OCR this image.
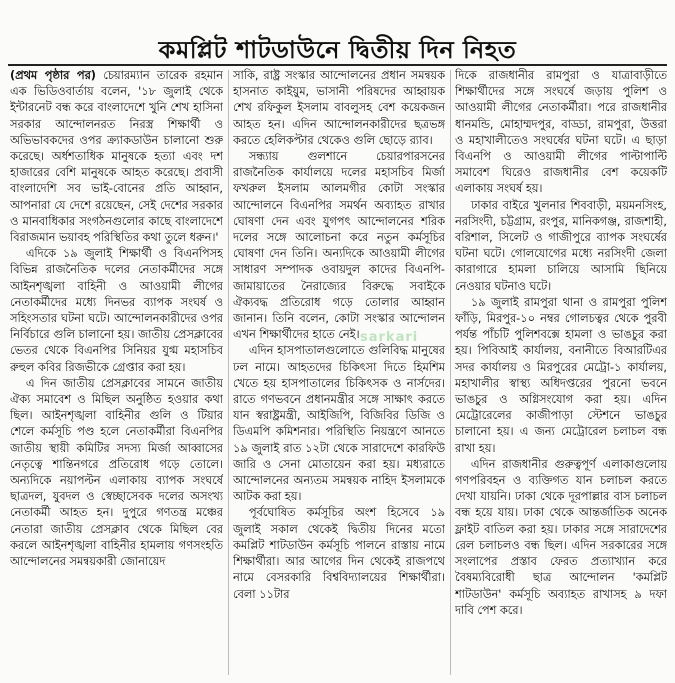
কমপ্লিট শাটডাউনে দ্বিতীয় দিন নিহত

(প্রথম পৃষ্ঠার পর) চেয়ারম্যান তারেক রহমান এক ভিডিওবার্তায় বলেন, '১৮ জুলাই থেকে ইন্টারনেট বন্ধ করে বাংলাদেশে খুনি শেখ হাসিনা সরকার আন্দোলনরত নিরস্ত্র শিক্ষার্থী ও অভিভাবকদের ওপর ক্র্যাকডাউন চালানো শুরু করেছে। অর্ধশতাধিক মানুষকে হত্যা এবং দশ হাজারের বেশি মানুষকে আহত করেছে। প্রবাসী বাংলাদেশি সব ভাই-বোনের প্রতি আহ্বান, আপনারা যে দেশে রয়েছেন, সেই দেশের সরকার ও মানবাধিকার সংগঠনগুলোর কাছে বাংলাদেশে বিরাজমান ভয়াবহ পরিস্থিতির কথা তুলে ধরুন।'

এদিকে ১৯ জুলাই শিক্ষার্থী ও বিএনপিসহ বিভিন্ন রাজনৈতিক দলের নেতাকর্মীদের সঙ্গে আইনশৃঙ্খলা বাহিনী ও আওয়ামী লীগের নেতাকর্মীদের মধ্যে দিনভর ব্যাপক সংঘর্ষ ও সহিংসতার ঘটনা ঘটে। আন্দোলনকারীদের ওপর নির্বিচারে গুলি চালানো হয়। জাতীয় প্রেসক্লাবের ভেতর থেকে বিএনপির সিনিয়র যুগ্ম মহাসচিব রুহুল কবির রিজভীকে গ্রেপ্তার করা হয়।

এ দিন জাতীয় প্রেসক্লাবের সামনে জাতীয় ঐক্য সমাবেশ ও মিছিল অনুষ্ঠিত হওয়ার কথা ছিল। আইনশৃঙ্খলা বাহিনীর গুলি ও টিয়ার শেলে কর্মসূচি পণ্ড হলে নেতাকর্মীরা বিএনপির জাতীয় স্থায়ী কমিটির সদস্য মির্জা আব্বাসের নেতৃত্বে শান্তিনগরে প্রতিরোধ গড়ে তোলে। অন্যদিকে নয়াপল্টন এলাকায় ব্যাপক সংঘর্ষে ছাত্রদল, যুবদল ও স্বেচ্ছাসেবক দলের অসংখ্য নেতাকর্মী আহত হন। দুপুরে গণতন্ত্র মঞ্চের নেতারা জাতীয় প্রেসক্লাব থেকে মিছিল বের করলে আইনশৃঙ্খলা বাহিনীর হামলায় গণসংহতি আন্দোলনের সমন্বয়কারী জোনায়েদ

সাকি, রাষ্ট্র সংস্কার আন্দোলনের প্রধান সমন্বয়ক হাসনাত কাইয়ুম, ভাসানী পরিষদের আহ্বায়ক শেখ রফিকুল ইসলাম বাবলুসহ বেশ কয়েকজন আহত হন। এদিন আন্দোলনকারীদের ছত্রভঙ্গ করতে হেলিকপ্টার থেকেও গুলি ছোড়ে র‍্যাব।

সন্ধ্যায় গুলশানে চেয়ারপারসনের রাজনৈতিক কার্যালয়ে দলের মহাসচিব মির্জা ফখরুল ইসলাম আলমগীর কোটা সংস্কার আন্দোলনে বিএনপির সমর্থন অব্যাহত রাখার ঘোষণা দেন এবং যুগপৎ আন্দোলনের শরিক দলের সঙ্গে আলোচনা করে নতুন কর্মসূচির ঘোষণা দেন তিনি। অন্যদিকে আওয়ামী লীগের সাধারণ সম্পাদক ওবায়দুল কাদের বিএনপি-জামায়াতের নৈরাজ্যের বিরুদ্ধে সবাইকে ঐক্যবদ্ধ প্রতিরোধ গড়ে তোলার আহ্বান জানান। তিনি বলেন, কোটা সংস্কার আন্দোলন এখন শিক্ষার্থীদের হাতে নেই।

এদিন হাসপাতালগুলোতে গুলিবিদ্ধ মানুষের ঢল নামে। আহতদের চিকিৎসা দিতে হিমশিম খেতে হয় হাসপাতালের চিকিৎসক ও নার্সদের। রাতে গণভবনে প্রধানমন্ত্রীর সঙ্গে সাক্ষাৎ করতে যান স্বরাষ্ট্রমন্ত্রী, আইজিপি, বিজিবির ডিজি ও ডিএমপি কমিশনার। পরিস্থিতি নিয়ন্ত্রণে আনতে ১৯ জুলাই রাত ১২টা থেকে সারাদেশে কারফিউ জারি ও সেনা মোতায়েন করা হয়। মধ্যরাতে আন্দোলনের অন্যতম সমন্বয়ক নাহিদ ইসলামকে আটক করা হয়।

পূর্বঘোষিত কর্মসূচির অংশ হিসেবে ১৯ জুলাই সকাল থেকেই দ্বিতীয় দিনের মতো কমপ্লিট শাটডাউন কর্মসূচি পালনে রাস্তায় নামে শিক্ষার্থীরা। আর আগের দিন থেকেই রাজপথে নামে বেসরকারি বিশ্ববিদ্যালয়ের শিক্ষার্থীরা। বেলা ১১টার

দিকে রাজধানীর রামপুরা ও যাত্রাবাড়ীতে শিক্ষার্থীদের সঙ্গে সংঘর্ষে জড়ায় পুলিশ ও আওয়ামী লীগের নেতাকর্মীরা। পরে রাজধানীর ধানমন্ডি, মোহাম্মদপুর, বাড্ডা, রামপুরা, উত্তরা ও মহাখালীতেও সংঘর্ষের ঘটনা ঘটে। এ ছাড়া বিএনপি ও আওয়ামী লীগের পাল্টাপাল্টি সমাবেশ ঘিরেও রাজধানীর বেশ কয়েকটি এলাকায় সংঘর্ষ হয়।

ঢাকার বাইরে খুলনার শিববাড়ী, ময়মনসিংহ, নরসিংদী, চট্টগ্রাম, রংপুর, মানিকগঞ্জ, রাজশাহী, বরিশাল, সিলেট ও গাজীপুরে ব্যাপক সংঘর্ষের ঘটনা ঘটে। গোলযোগের মধ্যে নরসিংদী জেলা কারাগারে হামলা চালিয়ে আসামি ছিনিয়ে নেওয়ার ঘটনাও ঘটে।

১৯ জুলাই রামপুরা থানা ও রামপুরা পুলিশ ফাঁড়ি, মিরপুর-১০ নম্বর গোলচত্বর থেকে পুরবী পর্যন্ত পাঁচটি পুলিশবক্সে হামলা ও ভাঙচুর করা হয়। পিবিআই কার্যালয়, বনানীতে বিআরটিএর সদর কার্যালয় ও মিরপুরের মেট্রো-১ কার্যালয়, মহাখালীর স্বাস্থ্য অধিদপ্তরের পুরনো ভবনে ভাঙচুর ও অগ্নিসংযোগ করা হয়। এদিন মেট্রোরেলের কাজীপাড়া স্টেশনে ভাঙচুর চালানো হয়। এ জন্য মেট্রোরেল চলাচল বন্ধ রাখা হয়।

এদিন রাজধানীর গুরুত্বপূর্ণ এলাকাগুলোয় গণপরিবহন ও ব্যক্তিগত যান চলাচল করতে দেখা যায়নি। ঢাকা থেকে দূরপাল্লার বাস চলাচল বন্ধ হয়ে যায়। ঢাকা থেকে আন্তর্জাতিক অনেক ফ্লাইট বাতিল করা হয়। ঢাকার সঙ্গে সারাদেশের রেল চলাচলও বন্ধ ছিল। এদিন সরকারের সঙ্গে সংলাপের প্রস্তাব ফেরত প্রত্যাখ্যান করে বৈষম্যবিরোধী ছাত্র আন্দোলন 'কমপ্লিট শাটডাউন' কর্মসূচি অব্যাহত রাখাসহ ৯ দফা দাবি পেশ করে।

sarkari
